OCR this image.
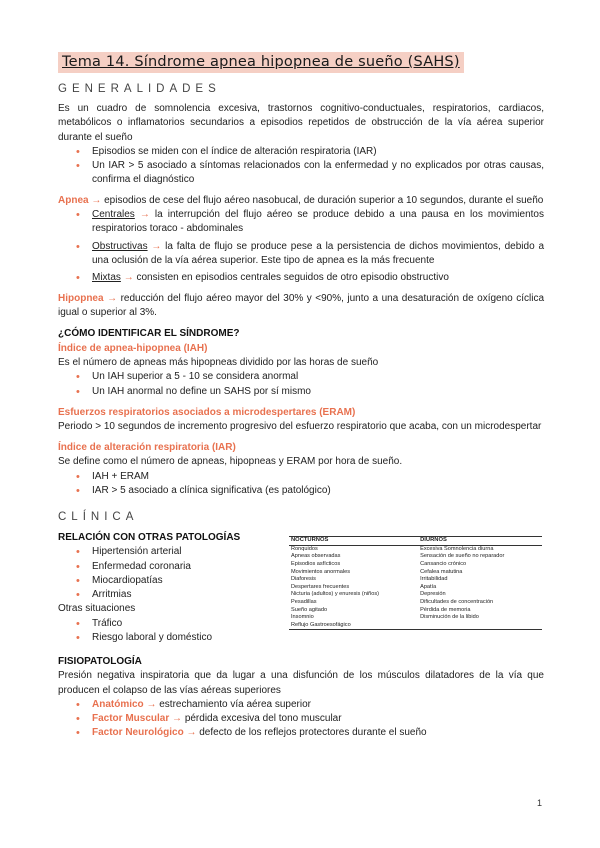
Tema 14. Síndrome apnea hipopnea de sueño (SAHS)
GENERALIDADES

Es un cuadro de somnolencia excesiva, trastornos cognitivo-conductuales, respiratorios, cardiacos, metabólicos o inflamatorios secundarios a episodios repetidos de obstrucción de la vía aérea superior durante el sueño

• Episodios se miden con el índice de alteración respiratoria (IAR)
• Un IAR > 5 asociado a síntomas relacionados con la enfermedad y no explicados por otras causas, confirma el diagnóstico

Apnea → episodios de cese del flujo aéreo nasobucal, de duración superior a 10 segundos, durante el sueño

• Centrales → la interrupción del flujo aéreo se produce debido a una pausa en los movimientos respiratorios toraco - abdominales
• Obstructivas → la falta de flujo se produce pese a la persistencia de dichos movimientos, debido a una oclusión de la vía aérea superior. Este tipo de apnea es la más frecuente
• Mixtas → consisten en episodios centrales seguidos de otro episodio obstructivo

Hipopnea → reducción del flujo aéreo mayor del 30% y <90%, junto a una desaturación de oxígeno cíclica igual o superior al 3%.

¿CÓMO IDENTIFICAR EL SÍNDROME?
Índice de apnea-hipopnea (IAH)

Es el número de apneas más hipopneas dividido por las horas de sueño

• Un IAH superior a 5 - 10 se considera anormal
• Un IAH anormal no define un SAHS por sí mismo
Esfuerzos respiratorios asociados a microdespertares (ERAM)

Periodo > 10 segundos de incremento progresivo del esfuerzo respiratorio que acaba, con un microdespertar

Índice de alteración respiratoria (IAR)

Se define como el número de apneas, hipopneas y ERAM por hora de sueño.

• IAH + ERAM
• IAR > 5 asociado a clínica significativa (es patológico)
CLÍNICA
RELACIÓN CON OTRAS PATOLOGÍAS
• Hipertensión arterial
• Enfermedad coronaria
• Miocardiopatías
• Arritmias

Otras situaciones

• Tráfico
• Riesgo laboral y doméstico
NOCTURNOS	DIURNOS
Ronquidos	Excesiva Somnolencia diurna
Apneas observadas	Sensación de sueño no reparador
Episodios asfícticos	Cansancio crónico
Movimientos anormales	Cefalea matutina
Diaforesis	Irritabilidad
Despertares frecuentes	Apatía
Nicturia (adultos) y enuresis (niños)	Depresión
Pesadillas	Dificultades de concentración
Sueño agitado	Pérdida de memoria
Insomnio	Disminución de la libido
Reflujo Gastroesofágico	
FISIOPATOLOGÍA

Presión negativa inspiratoria que da lugar a una disfunción de los músculos dilatadores de la vía que producen el colapso de las vías aéreas superiores

• Anatómico → estrechamiento vía aérea superior
• Factor Muscular → pérdida excesiva del tono muscular
• Factor Neurológico → defecto de los reflejos protectores durante el sueño
1
